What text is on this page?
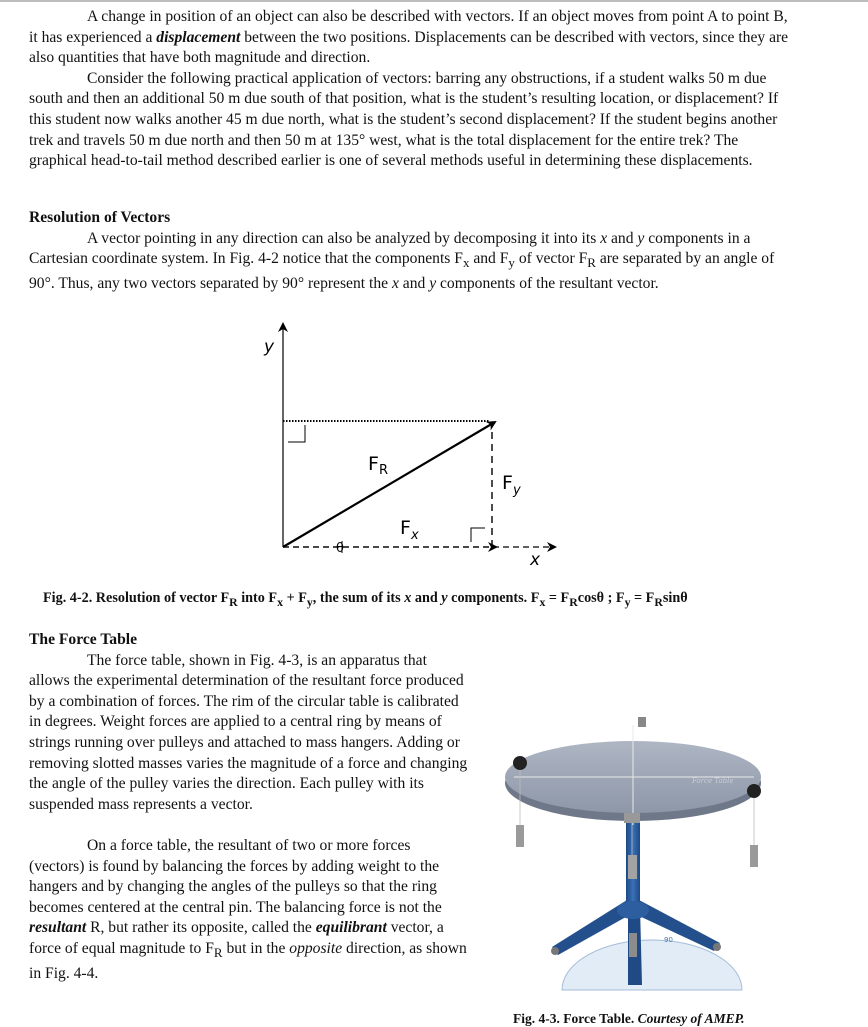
A change in position of an object can also be described with vectors. If an object moves from point A to point B, it has experienced a displacement between the two positions. Displacements can be described with vectors, since they are also quantities that have both magnitude and direction.

Consider the following practical application of vectors: barring any obstructions, if a student walks 50 m due south and then an additional 50 m due south of that position, what is the student’s resulting location, or displacement? If this student now walks another 45 m due north, what is the student’s second displacement? If the student begins another trek and travels 50 m due north and then 50 m at 135° west, what is the total displacement for the entire trek? The graphical head-to-tail method described earlier is one of several methods useful in determining these displacements.

Resolution of Vectors

A vector pointing in any direction can also be analyzed by decomposing it into its x and y components in a Cartesian coordinate system. In Fig. 4-2 notice that the components $F_x$ and $F_y$ of vector $F_R$ are separated by an angle of 90°. Thus, any two vectors separated by 90° represent the x and y components of the resultant vector.

θ
y
x
$F_R$
$F_x$
$F_y$
Fig. 4-2. Resolution of vector $F_R$ into $F_x + F_y$, the sum of its x and y components. $F_x = F_R\cos\theta$ ; $F_y = F_R\sin\theta$

The Force Table

The force table, shown in Fig. 4-3, is an apparatus that allows the experimental determination of the resultant force produced by a combination of forces. The rim of the circular table is calibrated in degrees. Weight forces are applied to a central ring by means of strings running over pulleys and attached to mass hangers. Adding or removing slotted masses varies the magnitude of a force and changing the angle of the pulley varies the direction. Each pulley with its suspended mass represents a vector.

On a force table, the resultant of two or more forces (vectors) is found by balancing the forces by adding weight to the hangers and by changing the angles of the pulleys so that the ring becomes centered at the central pin. The balancing force is not the resultant R, but rather its opposite, called the equilibrant vector, a force of equal magnitude to $F_R$ but in the opposite direction, as shown in Fig. 4-4.

90
Force Table
Fig. 4-3. Force Table. Courtesy of AMEP.
